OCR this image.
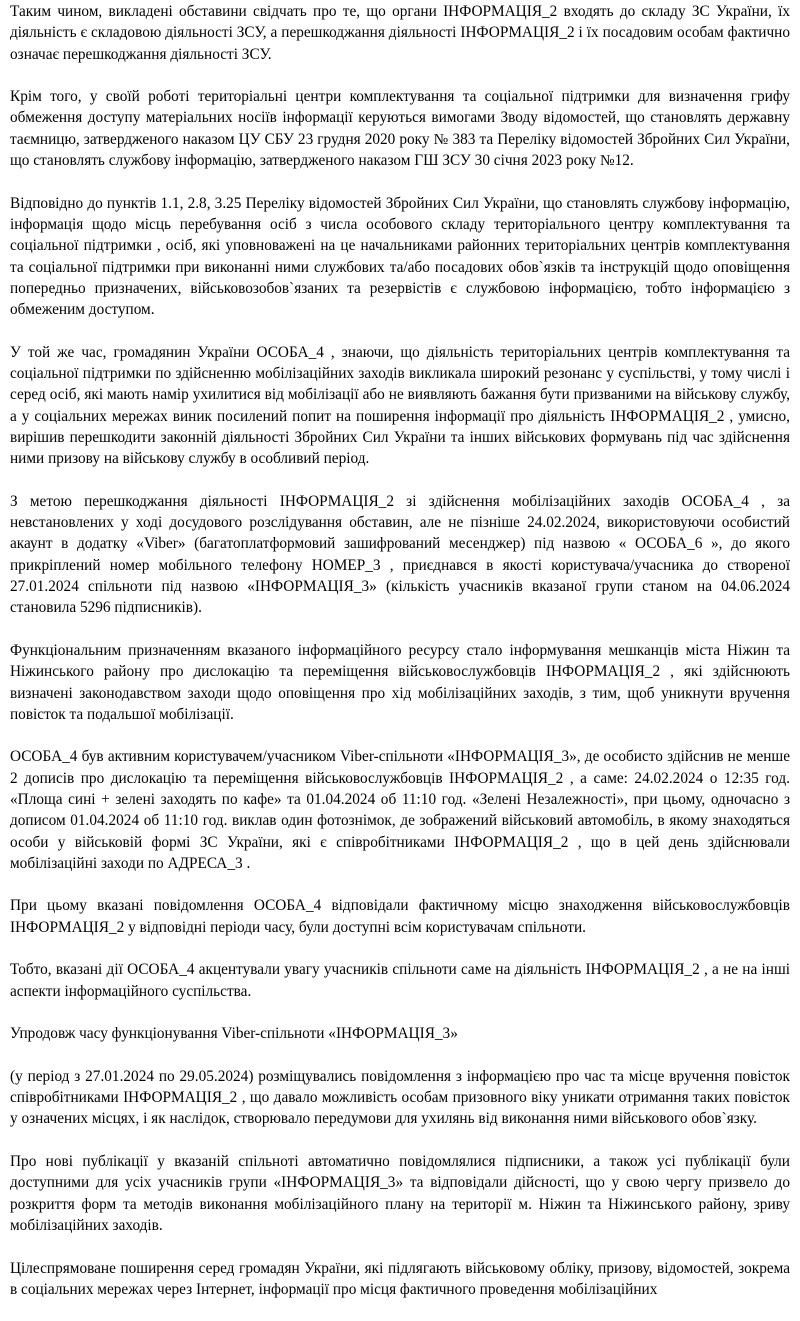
Таким чином, викладені обставини свідчать про те, що органи ІНФОРМАЦІЯ_2 входять до складу ЗС України, їх діяльність є складовою діяльності ЗСУ, а перешкоджання діяльності ІНФОРМАЦІЯ_2 і їх посадовим особам фактично означає перешкоджання діяльності ЗСУ.

Крім того, у своїй роботі територіальні центри комплектування та соціальної підтримки для визначення грифу обмеження доступу матеріальних носіїв інформації керуються вимогами Зводу відомостей, що становлять державну таємницю, затвердженого наказом ЦУ СБУ 23 грудня 2020 року № 383 та Переліку відомостей Збройних Сил України, що становлять службову інформацію, затвердженого наказом ГШ ЗСУ 30 січня 2023 року №12.

Відповідно до пунктів 1.1, 2.8, 3.25 Переліку відомостей Збройних Сил України, що становлять службову інформацію, інформація щодо місць перебування осіб з числа особового складу територіального центру комплектування та соціальної підтримки , осіб, які уповноважені на це начальниками районних територіальних центрів комплектування та соціальної підтримки при виконанні ними службових та/або посадових обов`язків та інструкцій щодо оповіщення попередньо призначених, військовозобов`язаних та резервістів є службовою інформацією, тобто інформацією з обмеженим доступом.

У той же час, громадянин України ОСОБА_4 , знаючи, що діяльність територіальних центрів комплектування та соціальної підтримки по здійсненню мобілізаційних заходів викликала широкий резонанс у суспільстві, у тому числі і серед осіб, які мають намір ухилитися від мобілізації або не виявляють бажання бути призваними на військову службу, а у соціальних мережах виник посилений попит на поширення інформації про діяльність ІНФОРМАЦІЯ_2 , умисно, вирішив перешкодити законній діяльності Збройних Сил України та інших військових формувань під час здійснення ними призову на військову службу в особливий період.

З метою перешкоджання діяльності ІНФОРМАЦІЯ_2 зі здійснення мобілізаційних заходів ОСОБА_4 , за невстановлених у ході досудового розслідування обставин, але не пізніше 24.02.2024, використовуючи особистий акаунт в додатку «Viber» (багатоплатформовий зашифрований месенджер) під назвою « ОСОБА_6 », до якого прикріплений номер мобільного телефону НОМЕР_3 , приєднався в якості користувача/учасника до створеної 27.01.2024 спільноти під назвою «ІНФОРМАЦІЯ_3» (кількість учасників вказаної групи станом на 04.06.2024 становила 5296 підписників).

Функціональним призначенням вказаного інформаційного ресурсу стало інформування мешканців міста Ніжин та Ніжинського району про дислокацію та переміщення військовослужбовців ІНФОРМАЦІЯ_2 , які здійснюють визначені законодавством заходи щодо оповіщення про хід мобілізаційних заходів, з тим, щоб уникнути вручення повісток та подальшої мобілізації.

ОСОБА_4 був активним користувачем/учасником Viber-спільноти «ІНФОРМАЦІЯ_3», де особисто здійснив не менше 2 дописів про дислокацію та переміщення військовослужбовців ІНФОРМАЦІЯ_2 , а саме: 24.02.2024 о 12:35 год. «Площа сині + зелені заходять по кафе» та 01.04.2024 об 11:10 год. «Зелені Незалежності», при цьому, одночасно з дописом 01.04.2024 об 11:10 год. виклав один фотознімок, де зображений військовий автомобіль, в якому знаходяться особи у військовій формі ЗС України, які є співробітниками ІНФОРМАЦІЯ_2 , що в цей день здійснювали мобілізаційні заходи по АДРЕСА_3 .

При цьому вказані повідомлення ОСОБА_4 відповідали фактичному місцю знаходження військовослужбовців ІНФОРМАЦІЯ_2 у відповідні періоди часу, були доступні всім користувачам спільноти.

Тобто, вказані дії ОСОБА_4 акцентували увагу учасників спільноти саме на діяльність ІНФОРМАЦІЯ_2 , а не на інші аспекти інформаційного суспільства.

Упродовж часу функціонування Viber-спільноти «ІНФОРМАЦІЯ_3»

(у період з 27.01.2024 по 29.05.2024) розміщувались повідомлення з інформацією про час та місце вручення повісток співробітниками ІНФОРМАЦІЯ_2 , що давало можливість особам призовного віку уникати отримання таких повісток у означених місцях, і як наслідок, створювало передумови для ухилянь від виконання ними військового обов`язку.

Про нові публікації у вказаній спільноті автоматично повідомлялися підписники, а також усі публікації були доступними для усіх учасників групи «ІНФОРМАЦІЯ_3» та відповідали дійсності, що у свою чергу призвело до розкриття форм та методів виконання мобілізаційного плану на території м. Ніжин та Ніжинського району, зриву мобілізаційних заходів.

Цілеспрямоване поширення серед громадян України, які підлягають військовому обліку, призову, відомостей, зокрема в соціальних мережах через Інтернет, інформації про місця фактичного проведення мобілізаційних
